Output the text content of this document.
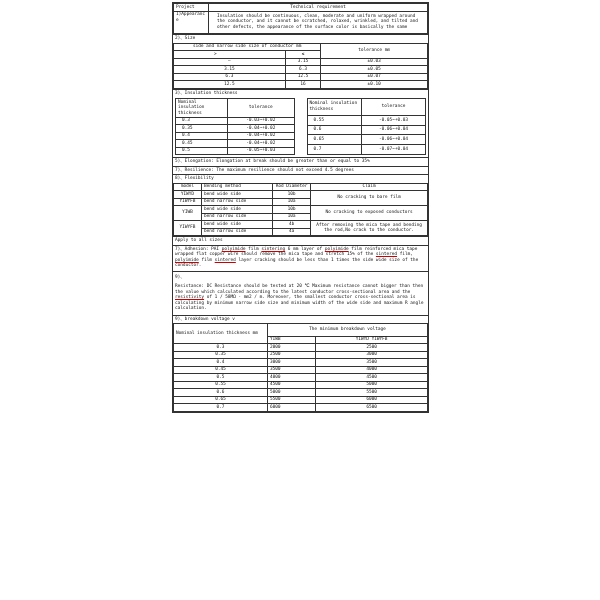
Project	Technical requirement
1)Appearanc e	Insulation should be continuous, clean, moderate and uniform wrapped around the conductor, and it cannot be scratched, rolaxed, wrinkled, and tilted and other defects, the appearance of the surface color is basically the same
2)、Size
side and narrow side size of conductor mm		tolerance mm
>	≤	
—	3.15	±0.03
3.15	6.3	±0.05
6.3	12.5	±0.07
12.5	16	±0.10
3)、Insulation thickness
Nominal insulation thickness	tolerance
0.3	-0.03~+0.02
0.35	-0.04~+0.02
0.4	-0.04~+0.02
0.45	-0.04~+0.02
0.5	-0.05~+0.03
Nominal insulation thickness	tolerance
0.55	-0.05~+0.03
0.6	-0.06~+0.04
0.65	-0.06~+0.04
0.7	-0.07~+0.04
5)、Elongation: Elongation at break should be greater than or equal to 35%
7)、Resilience: The maximum resilience should not exceed 4.5 degrees
8)、Flexibility
model	Bending method	Rod Diameter	Claim
YIWYD	bend wide side	10b	No cracking to bare film
YIWYFB	bend narrow side	10a	
YIWB	bend wide side	10b	No cracking to exposed conductors
	bend narrow side	10a	
YIWYFB	bend wide side	4b	After removing the mica tape and bending the rod,No crack to the conductor.
	bend narrow side	4a	
Apply to all sizes
7)、Adhesion: PAI polyimide film sintering 6 mm layer of polyimide film reinforced mica tape wrapped flat copper wire should remove the mica tape and stretch 15% of the sintered film, polyimide film sintered layer cracking should be less than 1 times the side wide size of the conductor.
9)、
Resistance: DC Resistance should be tested at 20 ℃ Maximum resistance cannot bigger than then the value which calculated according to the latest conductor cross-sectional area and the resistivity of 1 / 58MΩ · mm2 / m. Moreover, the smallest conductor cross-sectional area is calculating by minimum narrow side size and minimum width of the wide side and maximum R angle calculation.
9)、breakdown voltage v
Nominal insulation thickness mm	The minimum breakdown voltage	
	YIWB	YIWYD YIWYFB
0.3	2000	2500
0.35	2500	3000
0.4	3000	3500
0.45	3500	4000
0.5	4000	4500
0.55	4500	5000
0.6	5000	5500
0.65	5500	6000
0.7	6000	6500
